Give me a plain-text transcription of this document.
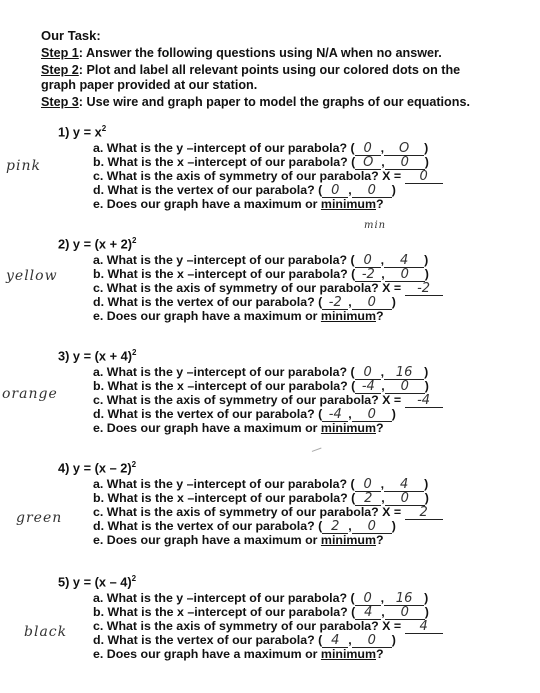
Our Task:
Step 1: Answer the following questions using N/A when no answer.
Step 2: Plot and label all relevant points using our colored dots on the graph paper provided at our station.
Step 3: Use wire and graph paper to model the graphs of our equations.
1) $y = x^2$
a. What is the y –intercept of our parabola? ( 0 , O )
b. What is the x –intercept of our parabola? ( O , 0 )
c. What is the axis of symmetry of our parabola? X = 0
d. What is the vertex of our parabola? ( 0 , 0 )
e. Does our graph have a maximum or minimum?
pink
min
2) $y = (x + 2)^2$
a. What is the y –intercept of our parabola? ( 0 , 4 )
b. What is the x –intercept of our parabola? ( -2 , 0 )
c. What is the axis of symmetry of our parabola? X = -2
d. What is the vertex of our parabola? ( -2 , 0 )
e. Does our graph have a maximum or minimum?
yellow
3) $y = (x + 4)^2$
a. What is the y –intercept of our parabola? ( 0 , 16 )
b. What is the x –intercept of our parabola? ( -4 , 0 )
c. What is the axis of symmetry of our parabola? X = -4
d. What is the vertex of our parabola? ( -4 , 0 )
e. Does our graph have a maximum or minimum?
orange
4) y = (x – 2)$^2$
a. What is the y –intercept of our parabola? ( 0 , 4 )
b. What is the x –intercept of our parabola? ( 2 , 0 )
c. What is the axis of symmetry of our parabola? X = 2
d. What is the vertex of our parabola? ( 2 , 0 )
e. Does our graph have a maximum or minimum?
green
5) y = (x – 4)$^2$
a. What is the y –intercept of our parabola? ( 0 , 16 )
b. What is the x –intercept of our parabola? ( 4 , 0 )
c. What is the axis of symmetry of our parabola? X = 4
d. What is the vertex of our parabola? ( 4 , 0 )
e. Does our graph have a maximum or minimum?
black
